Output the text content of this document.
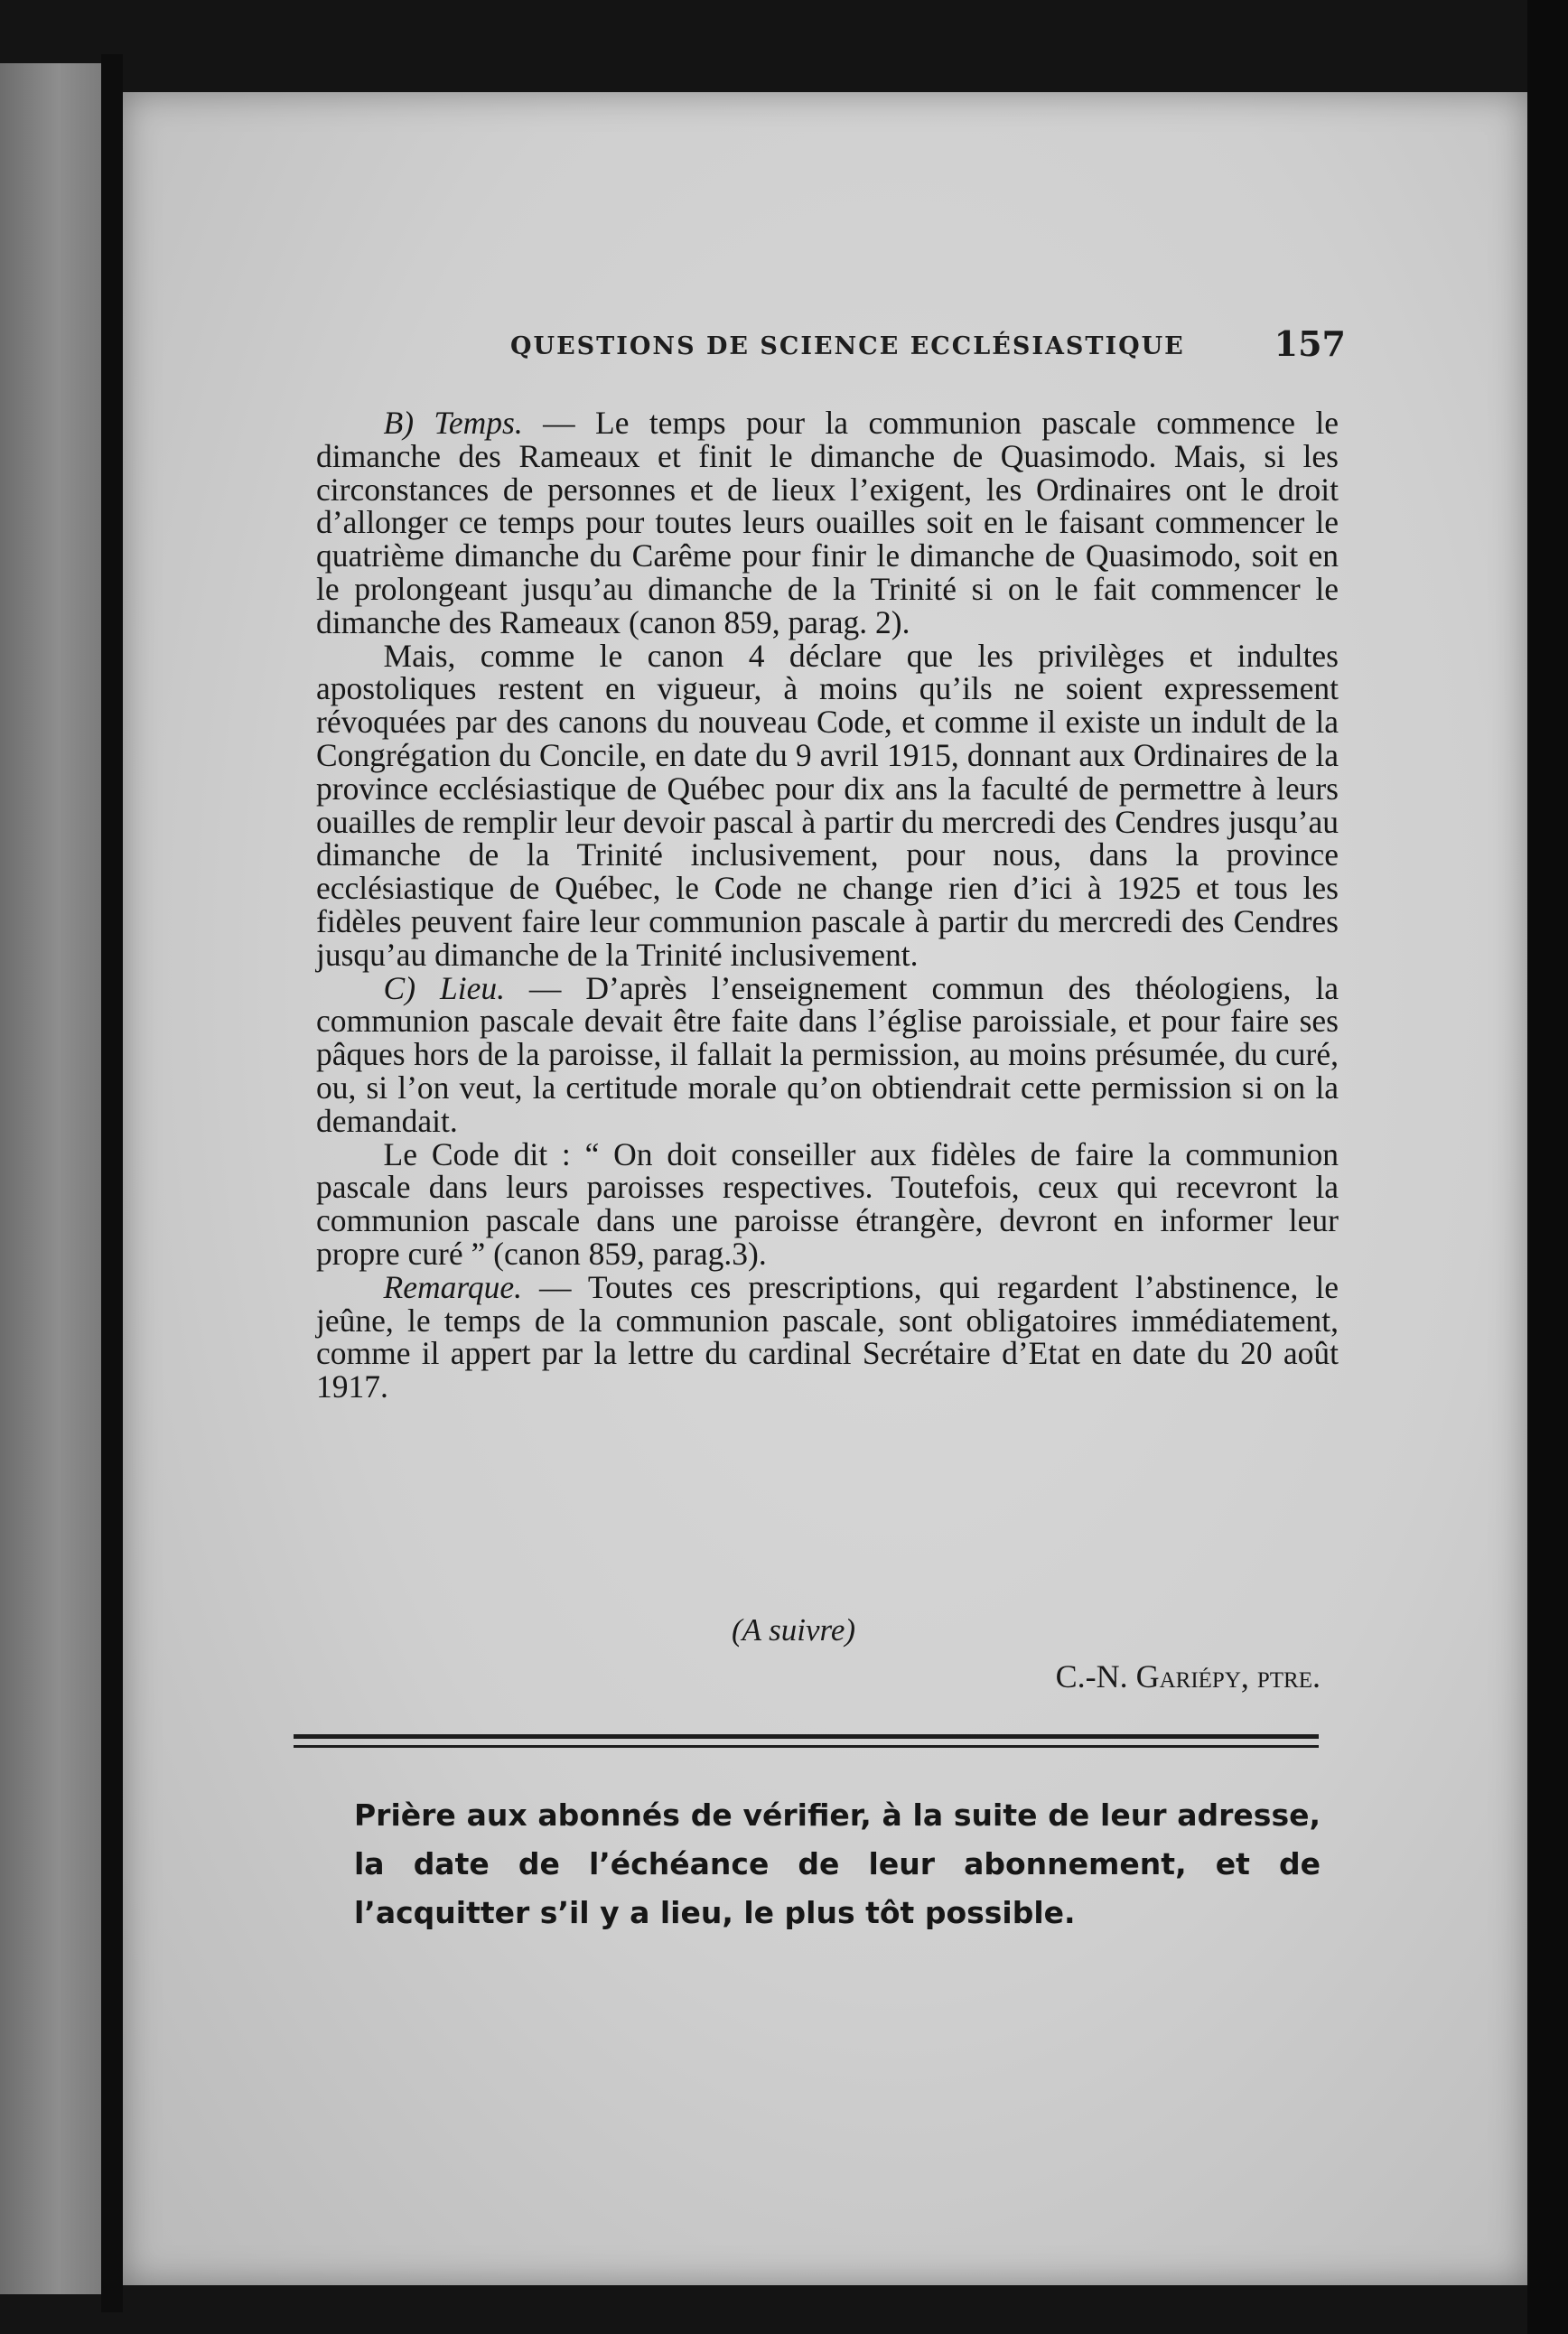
QUESTIONS DE SCIENCE ECCLÉSIASTIQUE	157

B) Temps. — Le temps pour la communion pascale commence le dimanche des Rameaux et finit le dimanche de Quasimodo. Mais, si les circonstances de personnes et de lieux l’exigent, les Ordinaires ont le droit d’allonger ce temps pour toutes leurs ouailles soit en le faisant commencer le quatrième dimanche du Carême pour finir le dimanche de Quasimodo, soit en le prolongeant jusqu’au dimanche de la Trinité si on le fait commencer le dimanche des Rameaux (canon 859, parag. 2).

Mais, comme le canon 4 déclare que les privilèges et indultes apostoliques restent en vigueur, à moins qu’ils ne soient expressement révoquées par des canons du nouveau Code, et comme il existe un indult de la Congrégation du Concile, en date du 9 avril 1915, donnant aux Ordinaires de la province ecclésiastique de Québec pour dix ans la faculté de permettre à leurs ouailles de remplir leur devoir pascal à partir du mercredi des Cendres jusqu’au dimanche de la Trinité inclusivement, pour nous, dans la province ecclésiastique de Québec, le Code ne change rien d’ici à 1925 et tous les fidèles peuvent faire leur communion pascale à partir du mercredi des Cendres jusqu’au dimanche de la Trinité inclusivement.

C) Lieu. — D’après l’enseignement commun des théologiens, la communion pascale devait être faite dans l’église paroissiale, et pour faire ses pâques hors de la paroisse, il fallait la permission, au moins présumée, du curé, ou, si l’on veut, la certitude morale qu’on obtiendrait cette permission si on la demandait.

Le Code dit : “ On doit conseiller aux fidèles de faire la communion pascale dans leurs paroisses respectives. Toutefois, ceux qui recevront la communion pascale dans une paroisse étrangère, devront en informer leur propre curé ” (canon 859, parag.3).

Remarque. — Toutes ces prescriptions, qui regardent l’abstinence, le jeûne, le temps de la communion pascale, sont obligatoires immédiatement, comme il appert par la lettre du cardinal Secrétaire d’Etat en date du 20 août 1917.

(A suivre)
C.-N. Gariépy, ptre.
Prière aux abonnés de vérifier, à la suite de leur adresse, la date de l’échéance de leur abonnement, et de l’acquitter s’il y a lieu, le plus tôt possible.
